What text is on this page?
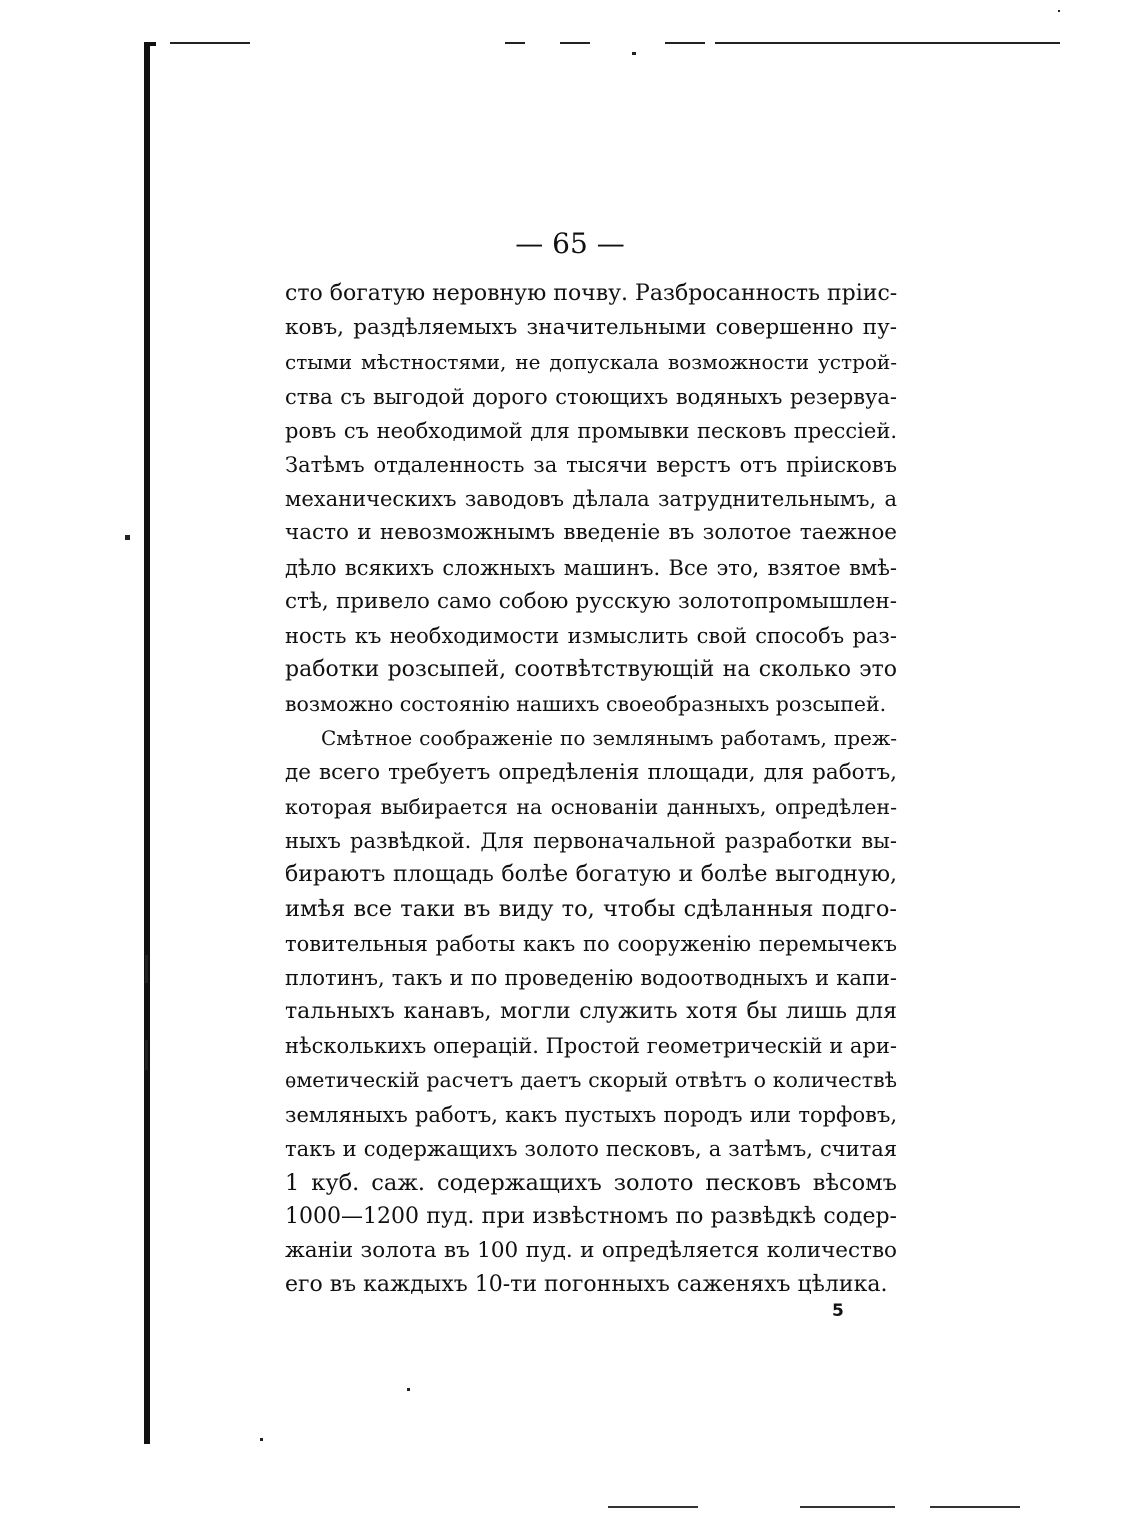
— 65 —
сто богатую неровную почву. Разбросанность пріис-
ковъ, раздѣляемыхъ значительными совершенно пу-
стыми мѣстностями, не допускала возможности устрой-
ства съ выгодой дорого стоющихъ водяныхъ резервуа-
ровъ съ необходимой для промывки песковъ прессіей.
Затѣмъ отдаленность за тысячи верстъ отъ пріисковъ
механическихъ заводовъ дѣлала затруднительнымъ, а
часто и невозможнымъ введеніе въ золотое таежное
дѣло всякихъ сложныхъ машинъ. Все это, взятое вмѣ-
стѣ, привело само собою русскую золотопромышлен-
ность къ необходимости измыслить свой способъ раз-
работки розсыпей, соотвѣтствующій на сколько это
возможно состоянію нашихъ своеобразныхъ розсыпей.
Смѣтное соображеніе по землянымъ работамъ, преж-
де всего требуетъ опредѣленія площади, для работъ,
которая выбирается на основаніи данныхъ, опредѣлен-
ныхъ развѣдкой. Для первоначальной разработки вы-
бираютъ площадь болѣе богатую и болѣе выгодную,
имѣя все таки въ виду то, чтобы сдѣланныя подго-
товительныя работы какъ по сооруженію перемычекъ
плотинъ, такъ и по проведенію водоотводныхъ и капи-
тальныхъ канавъ, могли служить хотя бы лишь для
нѣсколькихъ операцій. Простой геометрическій и ари-
ѳметическій расчетъ даетъ скорый отвѣтъ о количествѣ
земляныхъ работъ, какъ пустыхъ породъ или торфовъ,
такъ и содержащихъ золото песковъ, а затѣмъ, считая
1 куб. саж. содержащихъ золото песковъ вѣсомъ
1000—1200 пуд. при извѣстномъ по развѣдкѣ содер-
жаніи золота въ 100 пуд. и опредѣляется количество
его въ каждыхъ 10-ти погонныхъ саженяхъ цѣлика.
5
